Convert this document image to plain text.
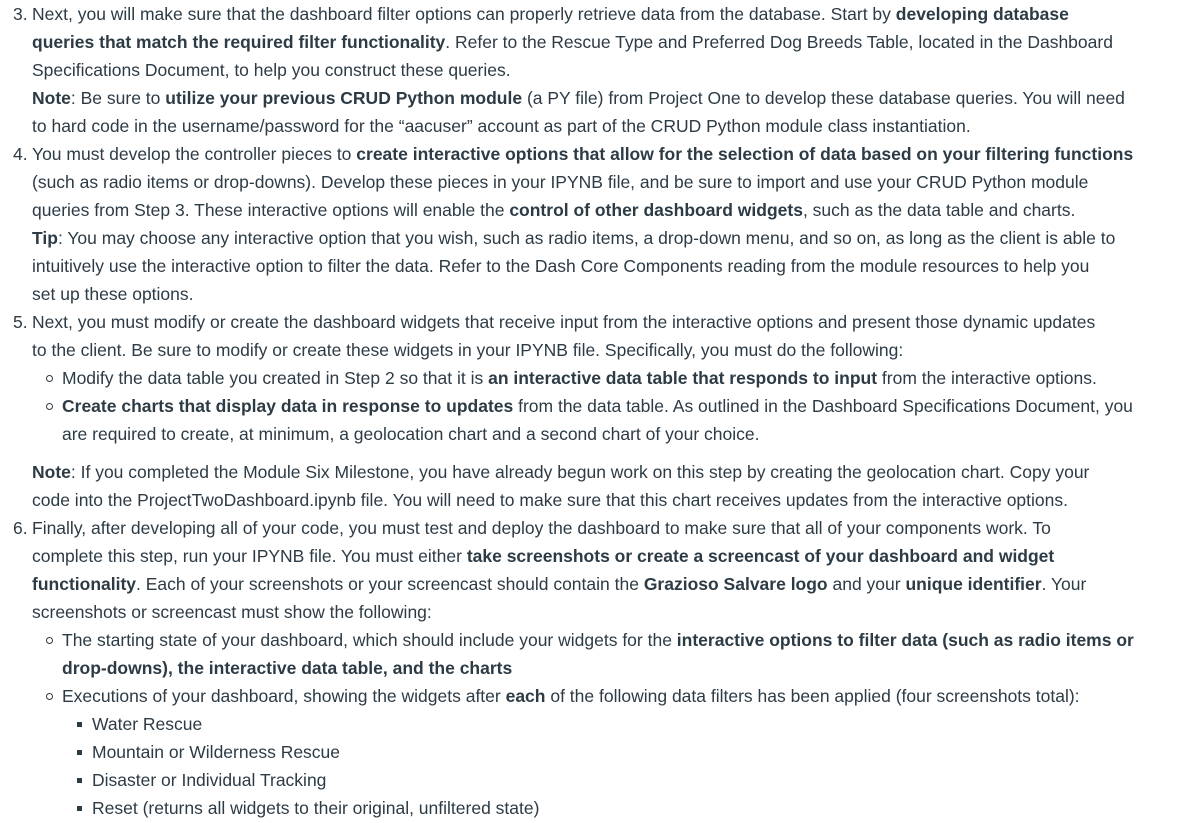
3. Next, you will make sure that the dashboard filter options can properly retrieve data from the database. Start by developing database
queries that match the required filter functionality. Refer to the Rescue Type and Preferred Dog Breeds Table, located in the Dashboard
Specifications Document, to help you construct these queries.
Note: Be sure to utilize your previous CRUD Python module (a PY file) from Project One to develop these database queries. You will need
to hard code in the username/password for the “aacuser” account as part of the CRUD Python module class instantiation.
4. You must develop the controller pieces to create interactive options that allow for the selection of data based on your filtering functions
(such as radio items or drop-downs). Develop these pieces in your IPYNB file, and be sure to import and use your CRUD Python module
queries from Step 3. These interactive options will enable the control of other dashboard widgets, such as the data table and charts.
Tip: You may choose any interactive option that you wish, such as radio items, a drop-down menu, and so on, as long as the client is able to
intuitively use the interactive option to filter the data. Refer to the Dash Core Components reading from the module resources to help you
set up these options.
5. Next, you must modify or create the dashboard widgets that receive input from the interactive options and present those dynamic updates
to the client. Be sure to modify or create these widgets in your IPYNB file. Specifically, you must do the following:
Modify the data table you created in Step 2 so that it is an interactive data table that responds to input from the interactive options.
Create charts that display data in response to updates from the data table. As outlined in the Dashboard Specifications Document, you
are required to create, at minimum, a geolocation chart and a second chart of your choice.
Note: If you completed the Module Six Milestone, you have already begun work on this step by creating the geolocation chart. Copy your
code into the ProjectTwoDashboard.ipynb file. You will need to make sure that this chart receives updates from the interactive options.
6. Finally, after developing all of your code, you must test and deploy the dashboard to make sure that all of your components work. To
complete this step, run your IPYNB file. You must either take screenshots or create a screencast of your dashboard and widget
functionality. Each of your screenshots or your screencast should contain the Grazioso Salvare logo and your unique identifier. Your
screenshots or screencast must show the following:
The starting state of your dashboard, which should include your widgets for the interactive options to filter data (such as radio items or
drop-downs), the interactive data table, and the charts
Executions of your dashboard, showing the widgets after each of the following data filters has been applied (four screenshots total):
Water Rescue
Mountain or Wilderness Rescue
Disaster or Individual Tracking
Reset (returns all widgets to their original, unfiltered state)
